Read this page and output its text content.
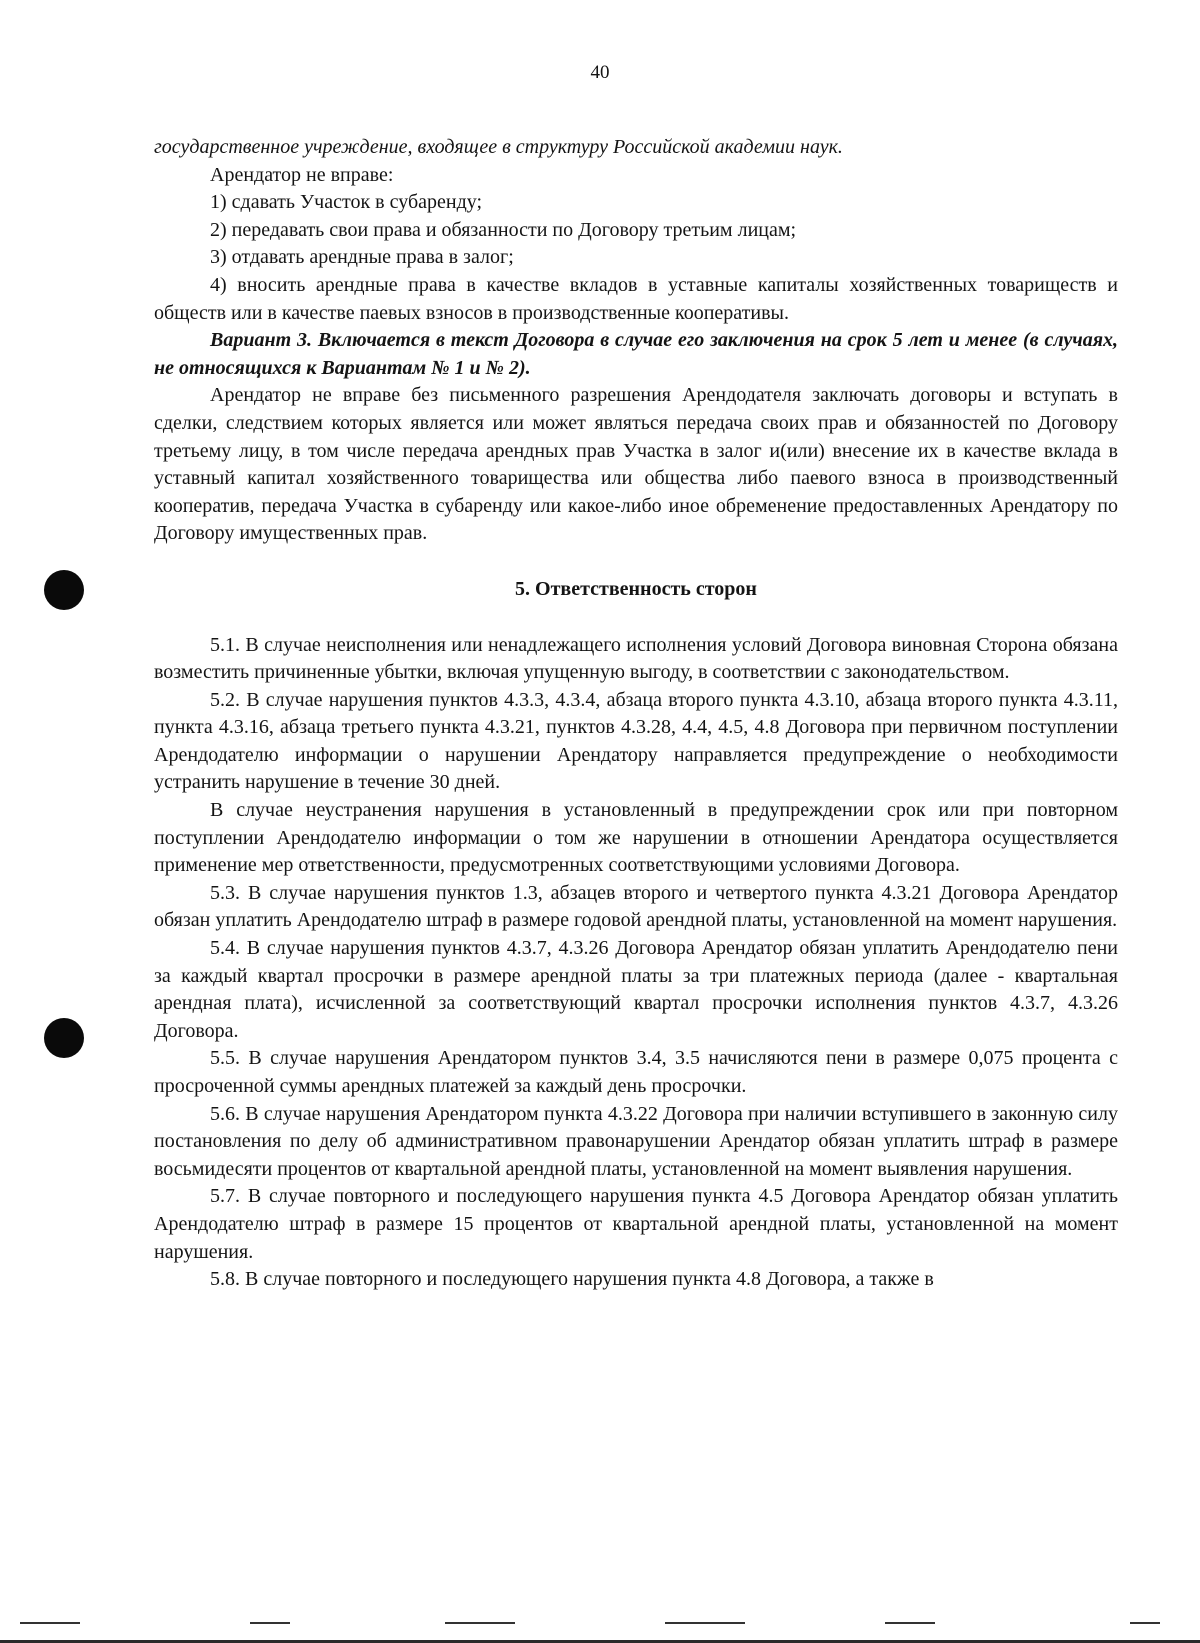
40

государственное учреждение, входящее в структуру Российской академии наук.

Арендатор не вправе:

1) сдавать Участок в субаренду;

2) передавать свои права и обязанности по Договору третьим лицам;

3) отдавать арендные права в залог;

4) вносить арендные права в качестве вкладов в уставные капиталы хозяйственных товариществ и обществ или в качестве паевых взносов в производственные кооперативы.

Вариант 3. Включается в текст Договора в случае его заключения на срок 5 лет и менее (в случаях, не относящихся к Вариантам № 1 и № 2).

Арендатор не вправе без письменного разрешения Арендодателя заключать договоры и вступать в сделки, следствием которых является или может являться передача своих прав и обязанностей по Договору третьему лицу, в том числе передача арендных прав Участка в залог и(или) внесение их в качестве вклада в уставный капитал хозяйственного товарищества или общества либо паевого взноса в производственный кооператив, передача Участка в субаренду или какое-либо иное обременение предоставленных Арендатору по Договору имущественных прав.

5. Ответственность сторон

5.1. В случае неисполнения или ненадлежащего исполнения условий Договора виновная Сторона обязана возместить причиненные убытки, включая упущенную выгоду, в соответствии с законодательством.

5.2. В случае нарушения пунктов 4.3.3, 4.3.4, абзаца второго пункта 4.3.10, абзаца второго пункта 4.3.11, пункта 4.3.16, абзаца третьего пункта 4.3.21, пунктов 4.3.28, 4.4, 4.5, 4.8 Договора при первичном поступлении Арендодателю информации о нарушении Арендатору направляется предупреждение о необходимости устранить нарушение в течение 30 дней.

В случае неустранения нарушения в установленный в предупреждении срок или при повторном поступлении Арендодателю информации о том же нарушении в отношении Арендатора осуществляется применение мер ответственности, предусмотренных соответствующими условиями Договора.

5.3. В случае нарушения пунктов 1.3, абзацев второго и четвертого пункта 4.3.21 Договора Арендатор обязан уплатить Арендодателю штраф в размере годовой арендной платы, установленной на момент нарушения.

5.4. В случае нарушения пунктов 4.3.7, 4.3.26 Договора Арендатор обязан уплатить Арендодателю пени за каждый квартал просрочки в размере арендной платы за три платежных периода (далее - квартальная арендная плата), исчисленной за соответствующий квартал просрочки исполнения пунктов 4.3.7, 4.3.26 Договора.

5.5. В случае нарушения Арендатором пунктов 3.4, 3.5 начисляются пени в размере 0,075 процента с просроченной суммы арендных платежей за каждый день просрочки.

5.6. В случае нарушения Арендатором пункта 4.3.22 Договора при наличии вступившего в законную силу постановления по делу об административном правонарушении Арендатор обязан уплатить штраф в размере восьмидесяти процентов от квартальной арендной платы, установленной на момент выявления нарушения.

5.7. В случае повторного и последующего нарушения пункта 4.5 Договора Арендатор обязан уплатить Арендодателю штраф в размере 15 процентов от квартальной арендной платы, установленной на момент нарушения.

5.8. В случае повторного и последующего нарушения пункта 4.8 Договора, а также в
